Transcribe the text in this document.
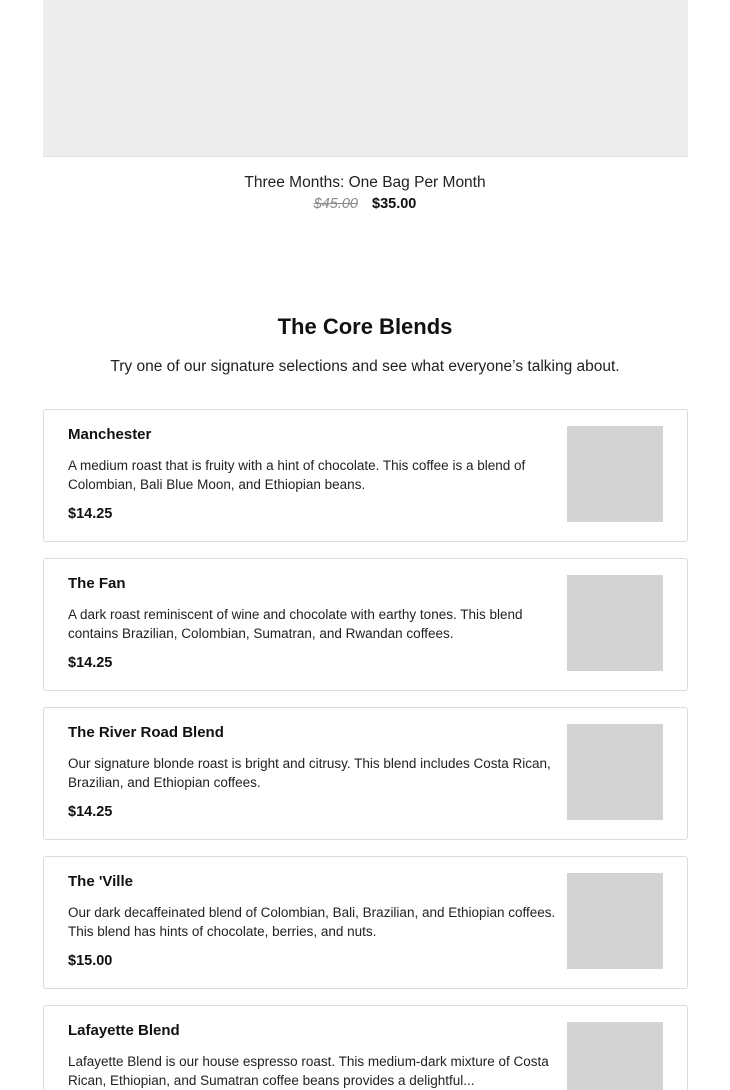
Three Months: One Bag Per Month
$45.00 $35.00
The Core Blends

Try one of our signature selections and see what everyone’s talking about.

Manchester
A medium roast that is fruity with a hint of chocolate. This coffee is a blend of Colombian, Bali Blue Moon, and Ethiopian beans.
$14.25
The Fan
A dark roast reminiscent of wine and chocolate with earthy tones. This blend contains Brazilian, Colombian, Sumatran, and Rwandan coffees.
$14.25
The River Road Blend
Our signature blonde roast is bright and citrusy. This blend includes Costa Rican, Brazilian, and Ethiopian coffees.
$14.25
The 'Ville
Our dark decaffeinated blend of Colombian, Bali, Brazilian, and Ethiopian coffees. This blend has hints of chocolate, berries, and nuts.
$15.00
Lafayette Blend
Lafayette Blend is our house espresso roast. This medium-dark mixture of Costa Rican, Ethiopian, and Sumatran coffee beans provides a delightful...
